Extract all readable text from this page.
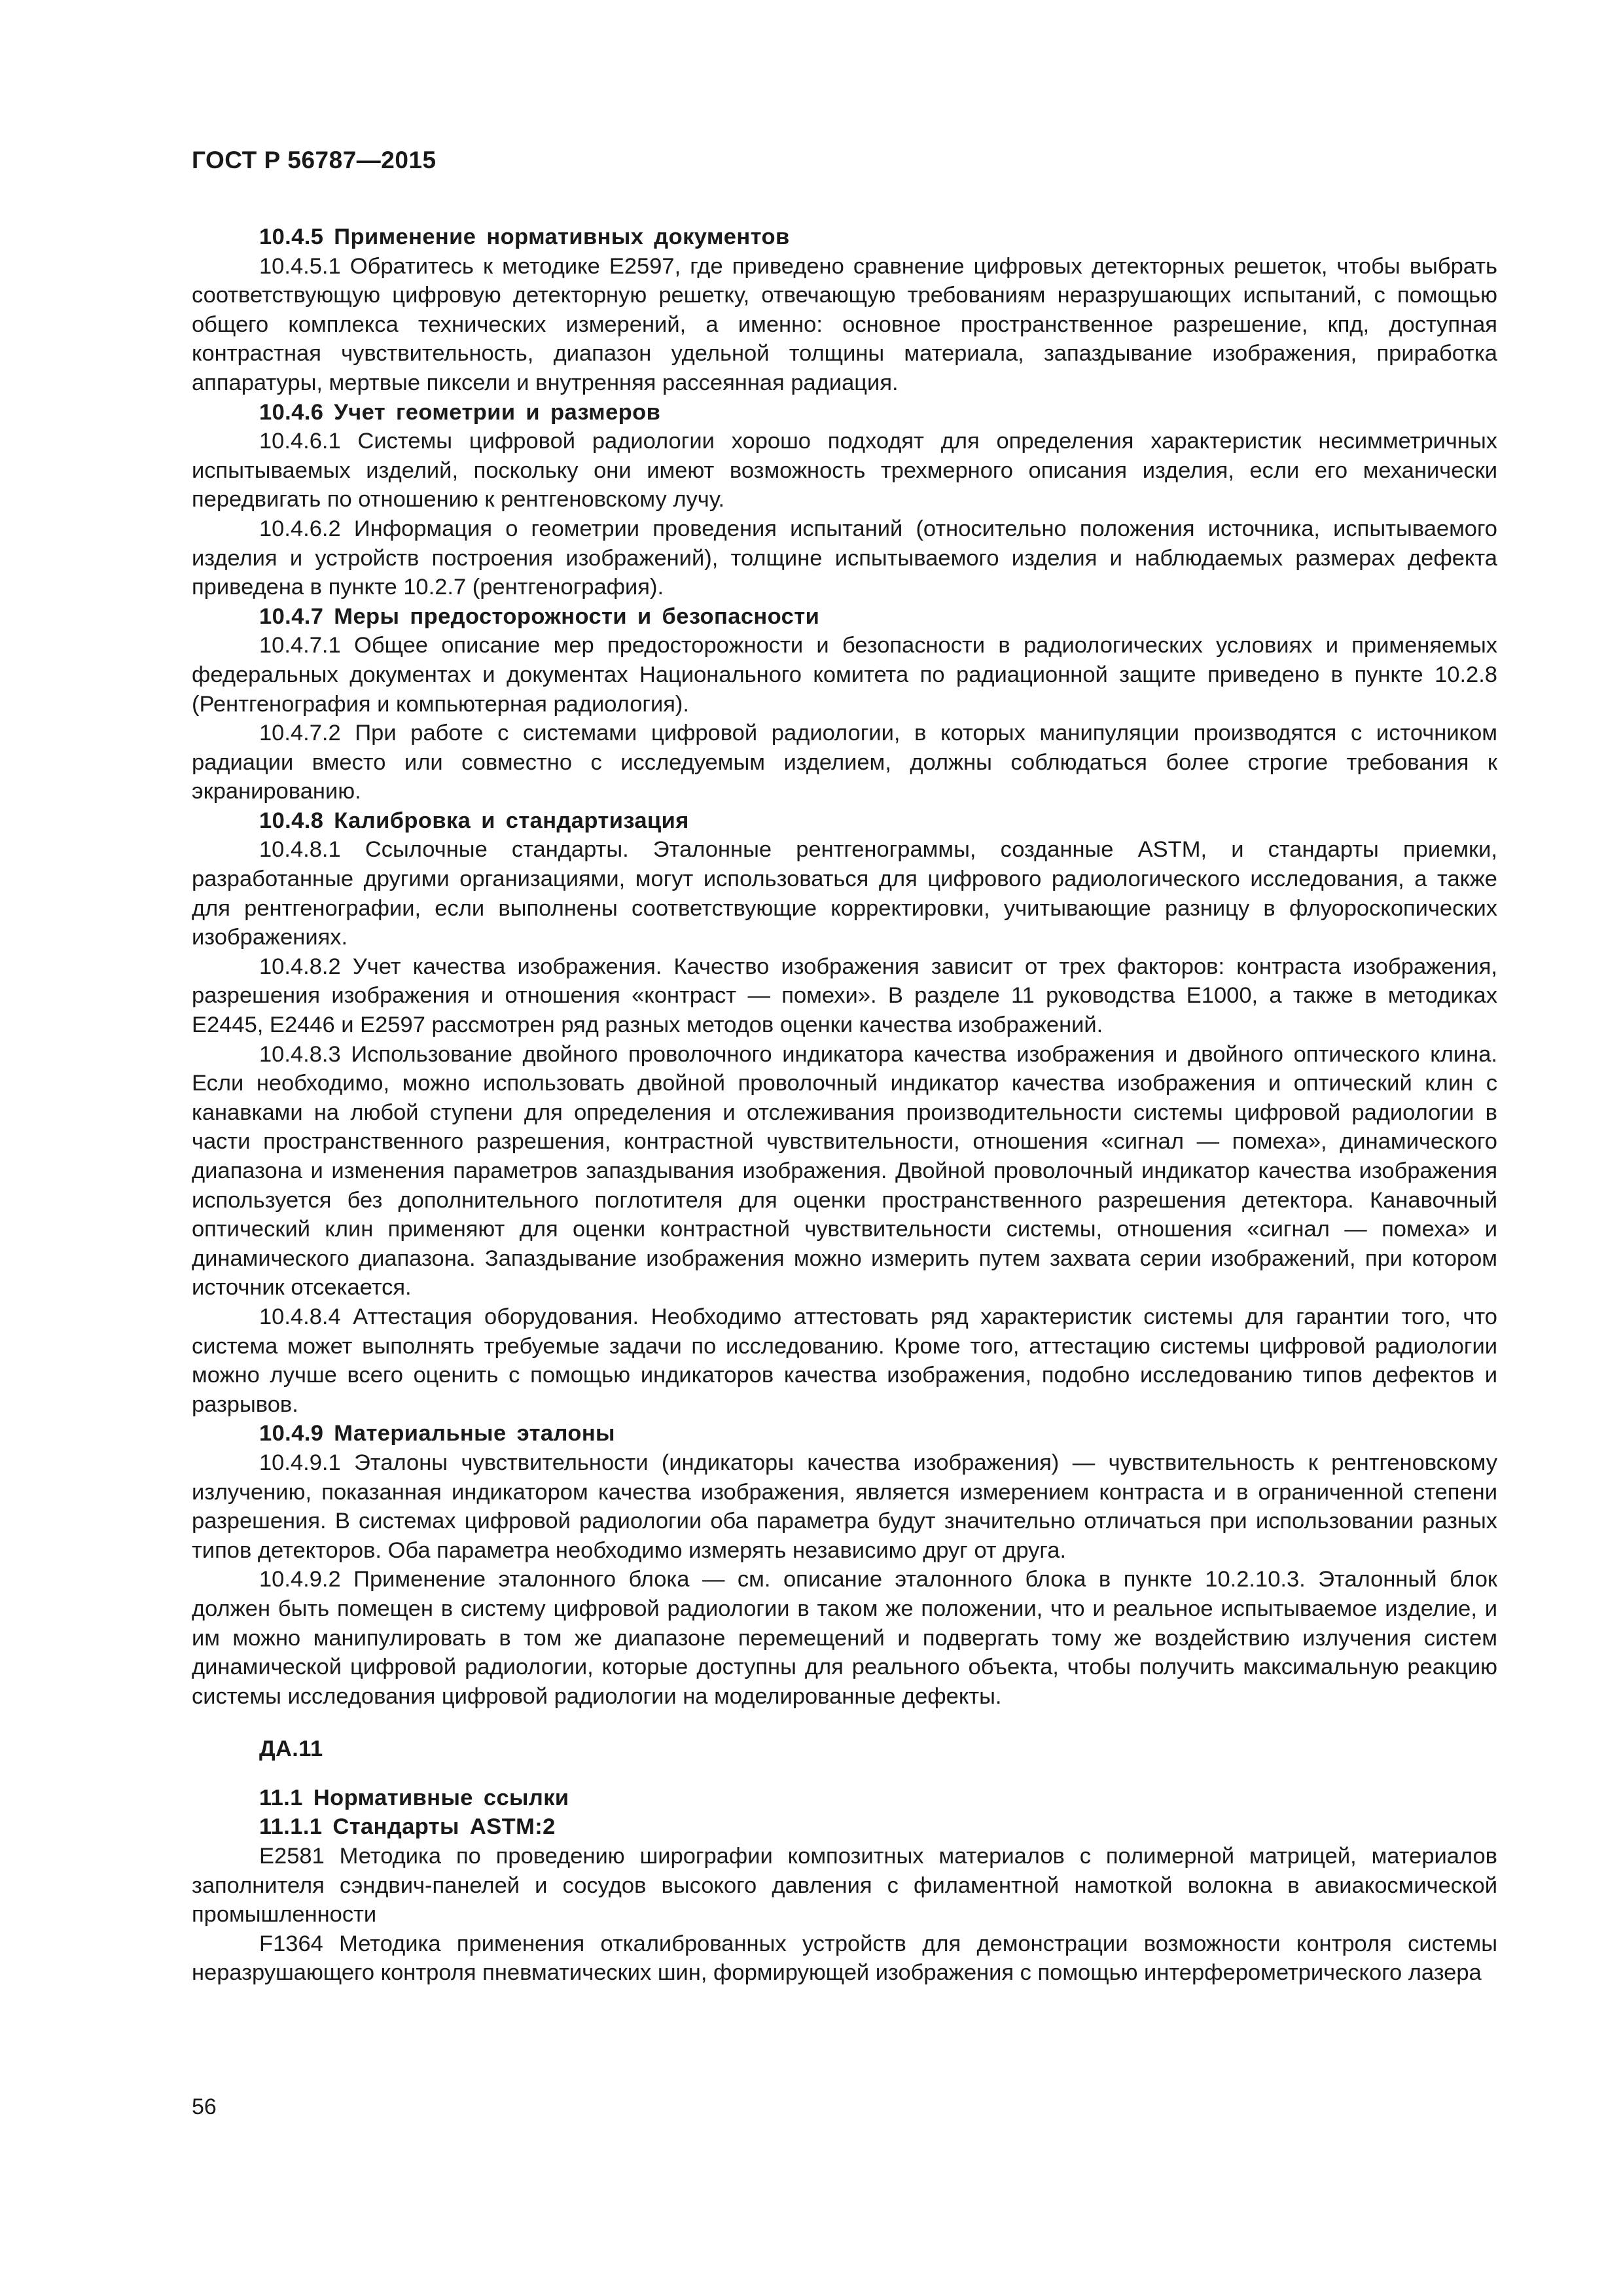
ГОСТ Р 56787—2015
10.4.5 Применение нормативных документов

10.4.5.1 Обратитесь к методике E2597, где приведено сравнение цифровых детекторных решеток, чтобы выбрать соответствующую цифровую детекторную решетку, отвечающую требованиям неразрушающих испытаний, с помощью общего комплекса технических измерений, а именно: основное пространственное разрешение, кпд, доступная контрастная чувствительность, диапазон удельной толщины материала, запаздывание изображения, приработка аппаратуры, мертвые пиксели и внутренняя рассеянная радиация.

10.4.6 Учет геометрии и размеров

10.4.6.1 Системы цифровой радиологии хорошо подходят для определения характеристик несимметричных испытываемых изделий, поскольку они имеют возможность трехмерного описания изделия, если его механически передвигать по отношению к рентгеновскому лучу.

10.4.6.2 Информация о геометрии проведения испытаний (относительно положения источника, испытываемого изделия и устройств построения изображений), толщине испытываемого изделия и наблюдаемых размерах дефекта приведена в пункте 10.2.7 (рентгенография).

10.4.7 Меры предосторожности и безопасности

10.4.7.1 Общее описание мер предосторожности и безопасности в радиологических условиях и применяемых федеральных документах и документах Национального комитета по радиационной защите приведено в пункте 10.2.8 (Рентгенография и компьютерная радиология).

10.4.7.2 При работе с системами цифровой радиологии, в которых манипуляции производятся с источником радиации вместо или совместно с исследуемым изделием, должны соблюдаться более строгие требования к экранированию.

10.4.8 Калибровка и стандартизация

10.4.8.1 Ссылочные стандарты. Эталонные рентгенограммы, созданные ASTM, и стандарты приемки, разработанные другими организациями, могут использоваться для цифрового радиологического исследования, а также для рентгенографии, если выполнены соответствующие корректировки, учитывающие разницу в флуороскопических изображениях.

10.4.8.2 Учет качества изображения. Качество изображения зависит от трех факторов: контраста изображения, разрешения изображения и отношения «контраст — помехи». В разделе 11 руководства E1000, а также в методиках E2445, E2446 и E2597 рассмотрен ряд разных методов оценки качества изображений.

10.4.8.3 Использование двойного проволочного индикатора качества изображения и двойного оптического клина. Если необходимо, можно использовать двойной проволочный индикатор качества изображения и оптический клин с канавками на любой ступени для определения и отслеживания производительности системы цифровой радиологии в части пространственного разрешения, контрастной чувствительности, отношения «сигнал — помеха», динамического диапазона и изменения параметров запаздывания изображения. Двойной проволочный индикатор качества изображения используется без дополнительного поглотителя для оценки пространственного разрешения детектора. Канавочный оптический клин применяют для оценки контрастной чувствительности системы, отношения «сигнал — помеха» и динамического диапазона. Запаздывание изображения можно измерить путем захвата серии изображений, при котором источник отсекается.

10.4.8.4 Аттестация оборудования. Необходимо аттестовать ряд характеристик системы для гарантии того, что система может выполнять требуемые задачи по исследованию. Кроме того, аттестацию системы цифровой радиологии можно лучше всего оценить с помощью индикаторов качества изображения, подобно исследованию типов дефектов и разрывов.

10.4.9 Материальные эталоны

10.4.9.1 Эталоны чувствительности (индикаторы качества изображения) — чувствительность к рентгеновскому излучению, показанная индикатором качества изображения, является измерением контраста и в ограниченной степени разрешения. В системах цифровой радиологии оба параметра будут значительно отличаться при использовании разных типов детекторов. Оба параметра необходимо измерять независимо друг от друга.

10.4.9.2 Применение эталонного блока — см. описание эталонного блока в пункте 10.2.10.3. Эталонный блок должен быть помещен в систему цифровой радиологии в таком же положении, что и реальное испытываемое изделие, и им можно манипулировать в том же диапазоне перемещений и подвергать тому же воздействию излучения систем динамической цифровой радиологии, которые доступны для реального объекта, чтобы получить максимальную реакцию системы исследования цифровой радиологии на моделированные дефекты.

ДА.11
11.1 Нормативные ссылки
11.1.1 Стандарты ASTM:2

E2581 Методика по проведению ширографии композитных материалов с полимерной матрицей, материалов заполнителя сэндвич-панелей и сосудов высокого давления с филаментной намоткой волокна в авиакосмической промышленности

F1364 Методика применения откалиброванных устройств для демонстрации возможности контроля системы неразрушающего контроля пневматических шин, формирующей изображения с помощью интерферометрического лазера

56
